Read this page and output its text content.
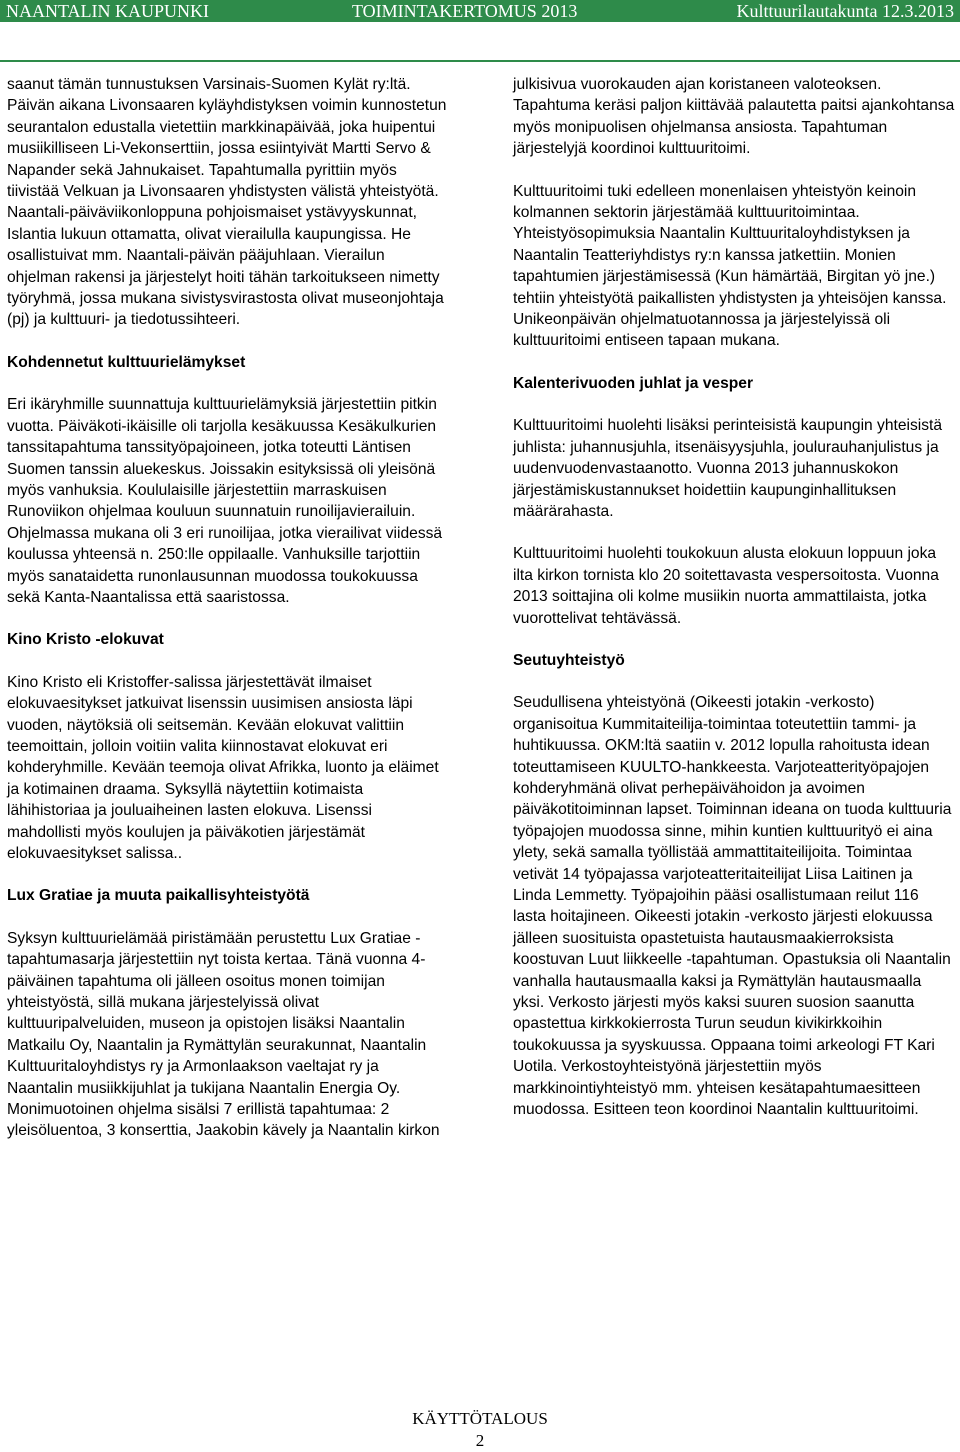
NAANTALIN KAUPUNKI	TOIMINTAKERTOMUS 2013	Kulttuurilautakunta 12.3.2013

saanut tämän tunnustuksen Varsinais-Suomen Kylät ry:ltä. Päivän aikana Livonsaaren kyläyhdistyksen voimin kunnostetun seurantalon edustalla vietettiin markkinapäivää, joka huipentui musiikilliseen Li-Vekonserttiin, jossa esiintyivät Martti Servo & Napander sekä Jahnukaiset. Tapahtumalla pyrittiin myös tiivistää Velkuan ja Livonsaaren yhdistysten välistä yhteistyötä.

Naantali-päiväviikonloppuna pohjoismaiset ystävyyskunnat, Islantia lukuun ottamatta, olivat vierailulla kaupungissa. He osallistuivat mm. Naantali-päivän pääjuhlaan. Vierailun ohjelman rakensi ja järjestelyt hoiti tähän tarkoitukseen nimetty työryhmä, jossa mukana sivistysvirastosta olivat museonjohtaja (pj) ja kulttuuri- ja tiedotussihteeri.

Kohdennetut kulttuurielämykset

Eri ikäryhmille suunnattuja kulttuurielämyksiä järjestettiin pitkin vuotta. Päiväkoti-ikäisille oli tarjolla kesäkuussa Kesäkulkurien tanssitapahtuma tanssityöpajoineen, jotka toteutti Läntisen Suomen tanssin aluekeskus. Joissakin esityksissä oli yleisönä myös vanhuksia. Koululaisille järjestettiin marraskuisen Runoviikon ohjelmaa kouluun suunnatuin runoilijavierailuin. Ohjelmassa mukana oli 3 eri runoilijaa, jotka vierailivat viidessä koulussa yhteensä n. 250:lle oppilaalle. Vanhuksille tarjottiin myös sanataidetta runonlausunnan muodossa toukokuussa sekä Kanta-Naantalissa että saaristossa.

Kino Kristo -elokuvat

Kino Kristo eli Kristoffer-salissa järjestettävät ilmaiset elokuvaesitykset jatkuivat lisenssin uusimisen ansiosta läpi vuoden, näytöksiä oli seitsemän. Kevään elokuvat valittiin teemoittain, jolloin voitiin valita kiinnostavat elokuvat eri kohderyhmille. Kevään teemoja olivat Afrikka, luonto ja eläimet ja kotimainen draama. Syksyllä näytettiin kotimaista lähihistoriaa ja jouluaiheinen lasten elokuva. Lisenssi mahdollisti myös koulujen ja päiväkotien järjestämät elokuvaesitykset salissa..

Lux Gratiae ja muuta paikallisyhteistyötä

Syksyn kulttuurielämää piristämään perustettu Lux Gratiae -tapahtumasarja järjestettiin nyt toista kertaa. Tänä vuonna 4-päiväinen tapahtuma oli jälleen osoitus monen toimijan yhteistyöstä, sillä mukana järjestelyissä olivat kulttuuripalveluiden, museon ja opistojen lisäksi Naantalin Matkailu Oy, Naantalin ja Rymättylän seurakunnat, Naantalin Kulttuuritaloyhdistys ry ja Armonlaakson vaeltajat ry ja Naantalin musiikkijuhlat ja tukijana Naantalin Energia Oy. Monimuotoinen ohjelma sisälsi 7 erillistä tapahtumaa: 2 yleisöluentoa, 3 konserttia, Jaakobin kävely ja Naantalin kirkon

julkisivua vuorokauden ajan koristaneen valoteoksen. Tapahtuma keräsi paljon kiittävää palautetta paitsi ajankohtansa myös monipuolisen ohjelmansa ansiosta. Tapahtuman järjestelyjä koordinoi kulttuuritoimi.

Kulttuuritoimi tuki edelleen monenlaisen yhteistyön keinoin kolmannen sektorin järjestämää kulttuuritoimintaa. Yhteistyösopimuksia Naantalin Kulttuuritaloyhdistyksen ja Naantalin Teatteriyhdistys ry:n kanssa jatkettiin. Monien tapahtumien järjestämisessä (Kun hämärtää, Birgitan yö jne.) tehtiin yhteistyötä paikallisten yhdistysten ja yhteisöjen kanssa. Unikeonpäivän ohjelmatuotannossa ja järjestelyissä oli kulttuuritoimi entiseen tapaan mukana.

Kalenterivuoden juhlat ja vesper

Kulttuuritoimi huolehti lisäksi perinteisistä kaupungin yhteisistä juhlista: juhannusjuhla, itsenäisyysjuhla, joulurauhanjulistus ja uudenvuodenvastaanotto. Vuonna 2013 juhannuskokon järjestämiskustannukset hoidettiin kaupunginhallituksen määrärahasta.

Kulttuuritoimi huolehti toukokuun alusta elokuun loppuun joka ilta kirkon tornista klo 20 soitettavasta vespersoitosta. Vuonna 2013 soittajina oli kolme musiikin nuorta ammattilaista, jotka vuorottelivat tehtävässä.

Seutuyhteistyö

Seudullisena yhteistyönä (Oikeesti jotakin -verkosto) organisoitua Kummitaiteilija-toimintaa toteutettiin tammi- ja huhtikuussa. OKM:ltä saatiin v. 2012 lopulla rahoitusta idean toteuttamiseen KUULTO-hankkeesta. Varjoteatterityöpajojen kohderyhmänä olivat perhepäivähoidon ja avoimen päiväkotitoiminnan lapset. Toiminnan ideana on tuoda kulttuuria työpajojen muodossa sinne, mihin kuntien kulttuurityö ei aina ylety, sekä samalla työllistää ammattitaiteilijoita. Toimintaa vetivät 14 työpajassa varjoteatteritaiteilijat Liisa Laitinen ja Linda Lemmetty. Työpajoihin pääsi osallistumaan reilut 116 lasta hoitajineen. Oikeesti jotakin -verkosto järjesti elokuussa jälleen suosituista opastetuista hautausmaakierroksista koostuvan Luut liikkeelle -tapahtuman. Opastuksia oli Naantalin vanhalla hautausmaalla kaksi ja Rymättylän hautausmaalla yksi. Verkosto järjesti myös kaksi suuren suosion saanutta opastettua kirkkokierrosta Turun seudun kivikirkkoihin toukokuussa ja syyskuussa. Oppaana toimi arkeologi FT Kari Uotila. Verkostoyhteistyönä järjestettiin myös markkinointiyhteistyö mm. yhteisen kesätapahtumaesitteen muodossa. Esitteen teon koordinoi Naantalin kulttuuritoimi.

KÄYTTÖTALOUS
2
